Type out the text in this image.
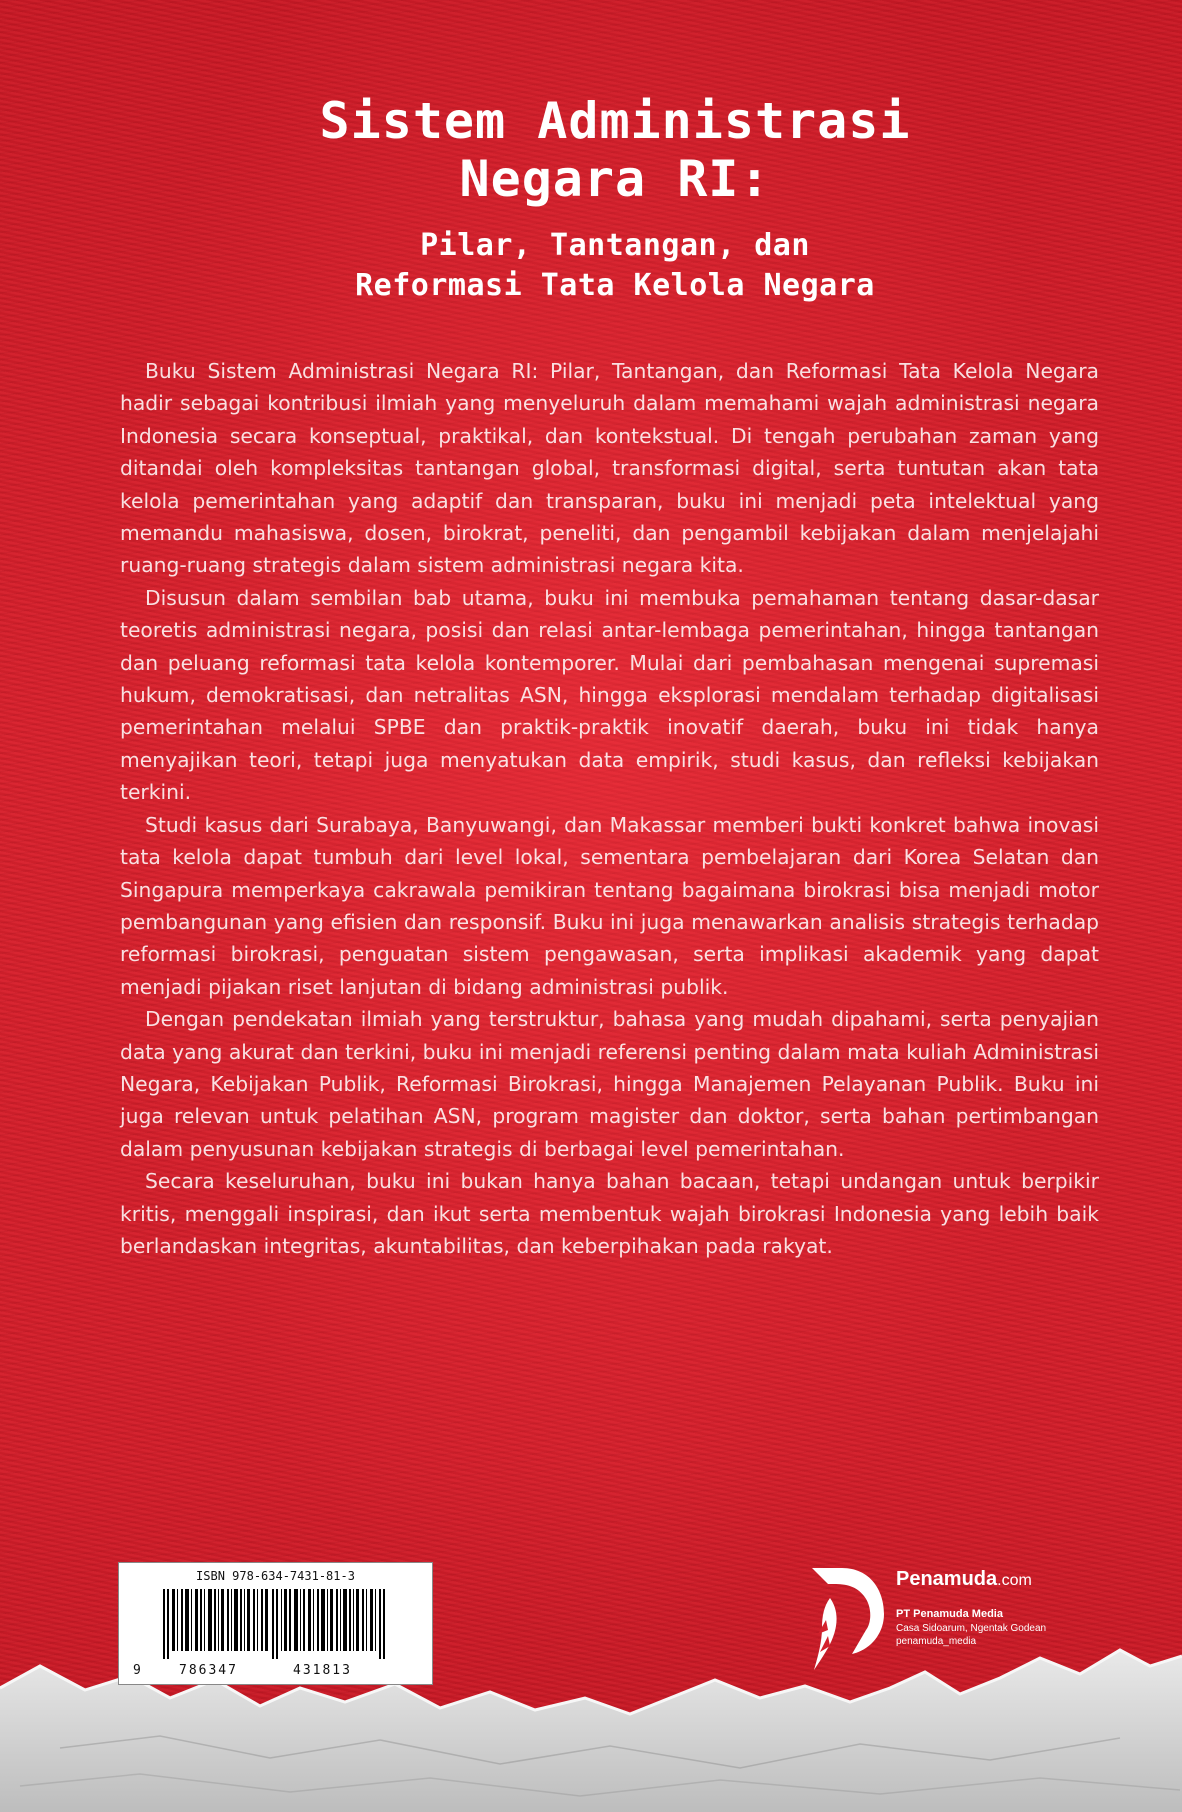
Sistem Administrasi
Negara RI:
Pilar, Tantangan, dan
Reformasi Tata Kelola Negara

Buku Sistem Administrasi Negara RI: Pilar, Tantangan, dan Reformasi Tata Kelola Negara hadir sebagai kontribusi ilmiah yang menyeluruh dalam memahami wajah administrasi negara Indonesia secara konseptual, praktikal, dan kontekstual. Di tengah perubahan zaman yang ditandai oleh kompleksitas tantangan global, transformasi digital, serta tuntutan akan tata kelola pemerintahan yang adaptif dan transparan, buku ini menjadi peta intelektual yang memandu mahasiswa, dosen, birokrat, peneliti, dan pengambil kebijakan dalam menjelajahi ruang-ruang strategis dalam sistem administrasi negara kita.

Disusun dalam sembilan bab utama, buku ini membuka pemahaman tentang dasar-dasar teoretis administrasi negara, posisi dan relasi antar-lembaga pemerintahan, hingga tantangan dan peluang reformasi tata kelola kontemporer. Mulai dari pembahasan mengenai supremasi hukum, demokratisasi, dan netralitas ASN, hingga eksplorasi mendalam terhadap digitalisasi pemerintahan melalui SPBE dan praktik-praktik inovatif daerah, buku ini tidak hanya menyajikan teori, tetapi juga menyatukan data empirik, studi kasus, dan refleksi kebijakan terkini.

Studi kasus dari Surabaya, Banyuwangi, dan Makassar memberi bukti konkret bahwa inovasi tata kelola dapat tumbuh dari level lokal, sementara pembelajaran dari Korea Selatan dan Singapura memperkaya cakrawala pemikiran tentang bagaimana birokrasi bisa menjadi motor pembangunan yang efisien dan responsif. Buku ini juga menawarkan analisis strategis terhadap reformasi birokrasi, penguatan sistem pengawasan, serta implikasi akademik yang dapat menjadi pijakan riset lanjutan di bidang administrasi publik.

Dengan pendekatan ilmiah yang terstruktur, bahasa yang mudah dipahami, serta penyajian data yang akurat dan terkini, buku ini menjadi referensi penting dalam mata kuliah Administrasi Negara, Kebijakan Publik, Reformasi Birokrasi, hingga Manajemen Pelayanan Publik. Buku ini juga relevan untuk pelatihan ASN, program magister dan doktor, serta bahan pertimbangan dalam penyusunan kebijakan strategis di berbagai level pemerintahan.

Secara keseluruhan, buku ini bukan hanya bahan bacaan, tetapi undangan untuk berpikir kritis, menggali inspirasi, dan ikut serta membentuk wajah birokrasi Indonesia yang lebih baik berlandaskan integritas, akuntabilitas, dan keberpihakan pada rakyat.

ISBN 978-634-7431-81-3
9	786347	431813
Penamuda.com
PT Penamuda Media
Casa Sidoarum, Ngentak Godean
penamuda_media
